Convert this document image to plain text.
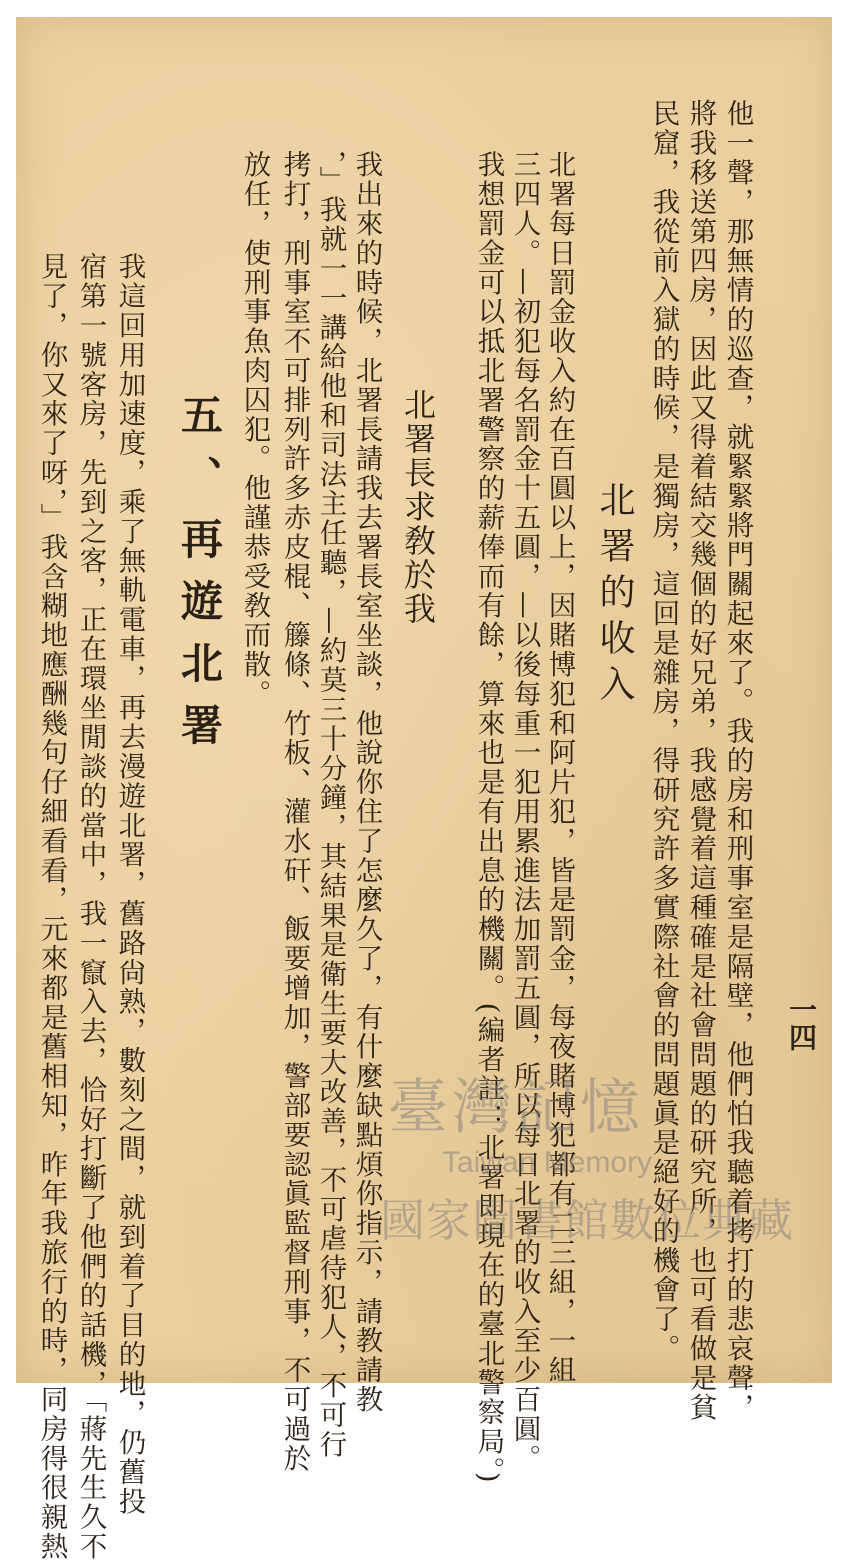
一四
他一聲，那無情的巡查，就緊緊將門關起來了。我的房和刑事室是隔壁，他們怕我聽着拷打的悲哀聲，
將我移送第四房，因此又得着結交幾個的好兄弟，我感覺着這種確是社會問題的研究所，也可看做是貧
民窟，我從前入獄的時候，是獨房，這回是雜房，得研究許多實際社會的問題眞是絕好的機會了。
北署的收入
北署每日罰金收入約在百圓以上，因賭博犯和阿片犯，皆是罰金，每夜賭博犯都有二三組，一組
三四人。—初犯每名罰金十五圓，—以後每重一犯用累進法加罰五圓，所以每日北署的收入至少百圓。
我想罰金可以抵北署警察的薪俸而有餘，算來也是有出息的機關。(編者註：北署即現在的臺北警察局。)
北署長求敎於我
我出來的時候，北署長請我去署長室坐談，他說你住了怎麼久了，有什麼缺點煩你指示，請教請教
，」我就一一講給他和司法主任聽，—約莫三十分鐘，其結果是衛生要大改善，不可虐待犯人，不可行
拷打，刑事室不可排列許多赤皮棍、籐條、竹板、灌水矸、飯要增加，警部要認眞監督刑事，不可過於
放任，使刑事魚肉囚犯。他謹恭受敎而散。
五、再遊北署
我這回用加速度，乘了無軌電車，再去漫遊北署，舊路尙熟，數刻之間，就到着了目的地，仍舊投
宿第一號客房，先到之客，正在環坐閒談的當中，我一竄入去，恰好打斷了他們的話機，「蔣先生久不
見了，你又來了呀，」我含糊地應酬幾句仔細看看，元來都是舊相知，昨年我旅行的時，同房得很親熱	臺灣記憶
Taiwan Memory
國家圖書館數位典藏
